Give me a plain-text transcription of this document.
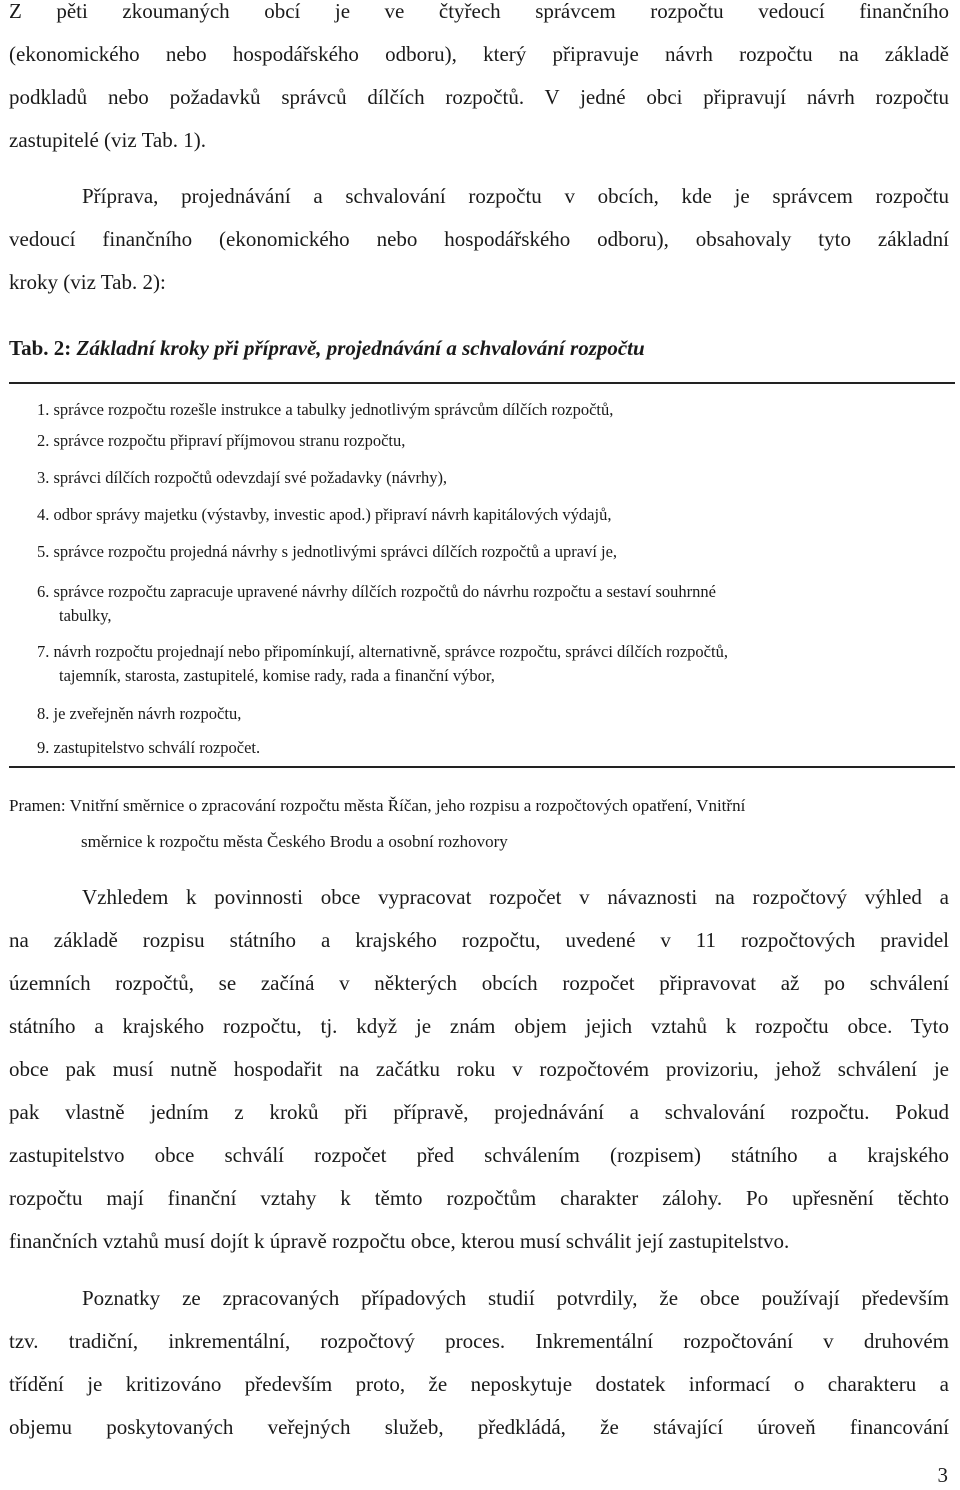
Z pěti zkoumaných obcí je ve čtyřech správcem rozpočtu vedoucí finančního
(ekonomického nebo hospodářského odboru), který připravuje návrh rozpočtu na základě
podkladů nebo požadavků správců dílčích rozpočtů. V jedné obci připravují návrh rozpočtu
zastupitelé (viz Tab. 1).

Příprava, projednávání a schvalování rozpočtu v obcích, kde je správcem rozpočtu
vedoucí finančního (ekonomického nebo hospodářského odboru), obsahovaly tyto základní
kroky (viz Tab. 2):

Tab. 2: Základní kroky při přípravě, projednávání a schvalování rozpočtu
1. správce rozpočtu rozešle instrukce a tabulky jednotlivým správcům dílčích rozpočtů,
2. správce rozpočtu připraví příjmovou stranu rozpočtu,
3. správci dílčích rozpočtů odevzdají své požadavky (návrhy),
4. odbor správy majetku (výstavby, investic apod.) připraví návrh kapitálových výdajů,
5. správce rozpočtu projedná návrhy s jednotlivými správci dílčích rozpočtů a upraví je,
6. správce rozpočtu zapracuje upravené návrhy dílčích rozpočtů do návrhu rozpočtu a sestaví souhrnné
tabulky,
7. návrh rozpočtu projednají nebo připomínkují, alternativně, správce rozpočtu, správci dílčích rozpočtů,
tajemník, starosta, zastupitelé, komise rady, rada a finanční výbor,
8. je zveřejněn návrh rozpočtu,
9. zastupitelstvo schválí rozpočet.
Pramen: Vnitřní směrnice o zpracování rozpočtu města Říčan, jeho rozpisu a rozpočtových opatření, Vnitřní
směrnice k rozpočtu města Českého Brodu a osobní rozhovory

Vzhledem k povinnosti obce vypracovat rozpočet v návaznosti na rozpočtový výhled a
na základě rozpisu státního a krajského rozpočtu, uvedené v 11 rozpočtových pravidel
územních rozpočtů, se začíná v některých obcích rozpočet připravovat až po schválení
státního a krajského rozpočtu, tj. když je znám objem jejich vztahů k rozpočtu obce. Tyto
obce pak musí nutně hospodařit na začátku roku v rozpočtovém provizoriu, jehož schválení je
pak vlastně jedním z kroků při přípravě, projednávání a schvalování rozpočtu. Pokud
zastupitelstvo obce schválí rozpočet před schválením (rozpisem) státního a krajského
rozpočtu mají finanční vztahy k těmto rozpočtům charakter zálohy. Po upřesnění těchto
finančních vztahů musí dojít k úpravě rozpočtu obce, kterou musí schválit její zastupitelstvo.

Poznatky ze zpracovaných případových studií potvrdily, že obce používají především
tzv. tradiční, inkrementální, rozpočtový proces. Inkrementální rozpočtování v druhovém
třídění je kritizováno především proto, že neposkytuje dostatek informací o charakteru a
objemu poskytovaných veřejných služeb, předkládá, že stávající úroveň financování

3
